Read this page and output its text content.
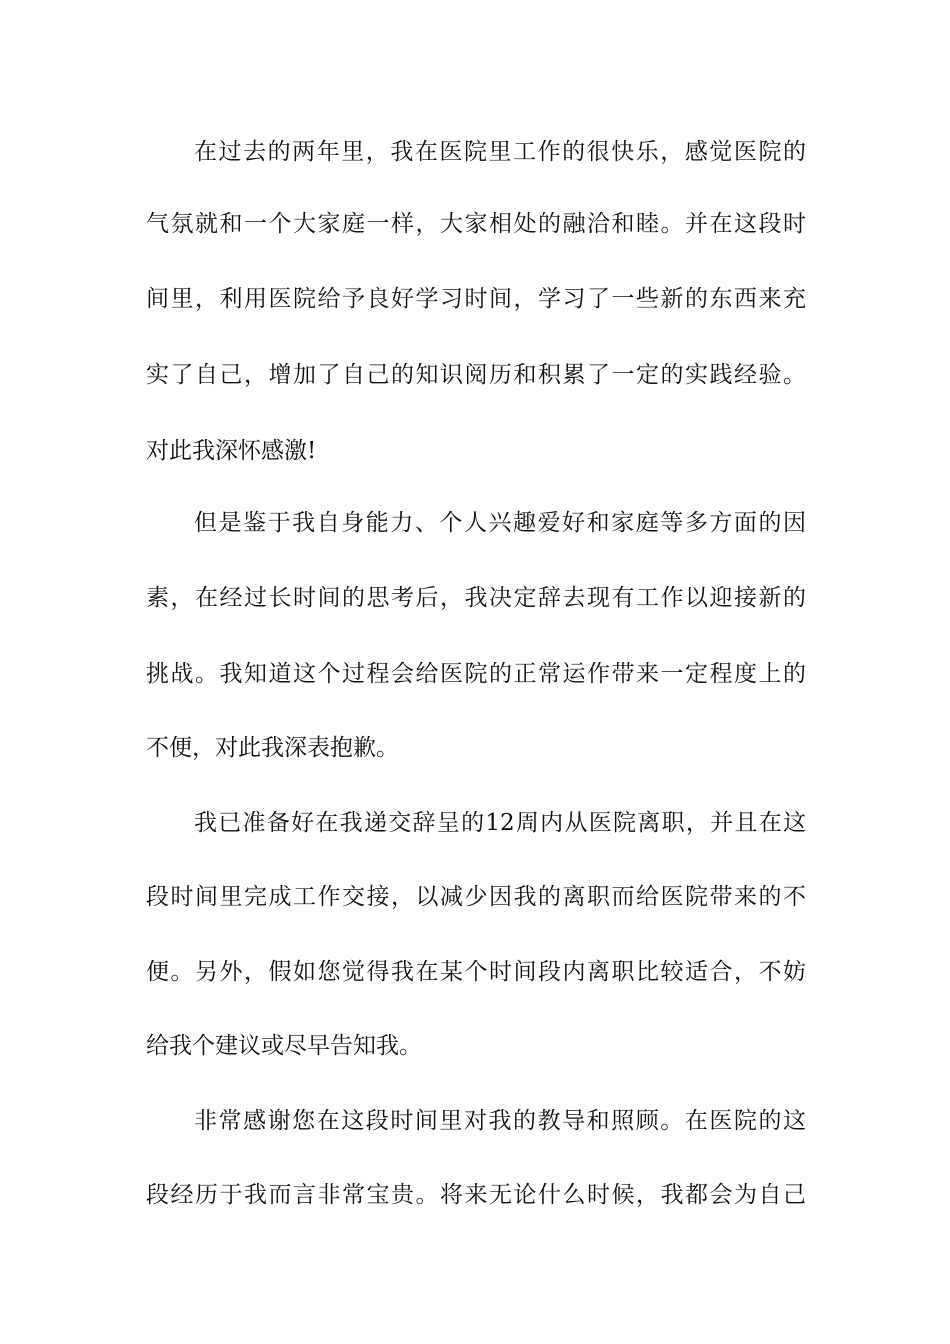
在过去的两年里，我在医院里工作的很快乐，感觉医院的
气氛就和一个大家庭一样，大家相处的融洽和睦。并在这段时
间里，利用医院给予良好学习时间，学习了一些新的东西来充
实了自己，增加了自己的知识阅历和积累了一定的实践经验。
对此我深怀感激!
但是鉴于我自身能力、个人兴趣爱好和家庭等多方面的因
素，在经过长时间的思考后，我决定辞去现有工作以迎接新的
挑战。我知道这个过程会给医院的正常运作带来一定程度上的
不便，对此我深表抱歉。
我已准备好在我递交辞呈的12周内从医院离职，并且在这
段时间里完成工作交接，以减少因我的离职而给医院带来的不
便。另外，假如您觉得我在某个时间段内离职比较适合，不妨
给我个建议或尽早告知我。
非常感谢您在这段时间里对我的教导和照顾。在医院的这
段经历于我而言非常宝贵。将来无论什么时候，我都会为自己
